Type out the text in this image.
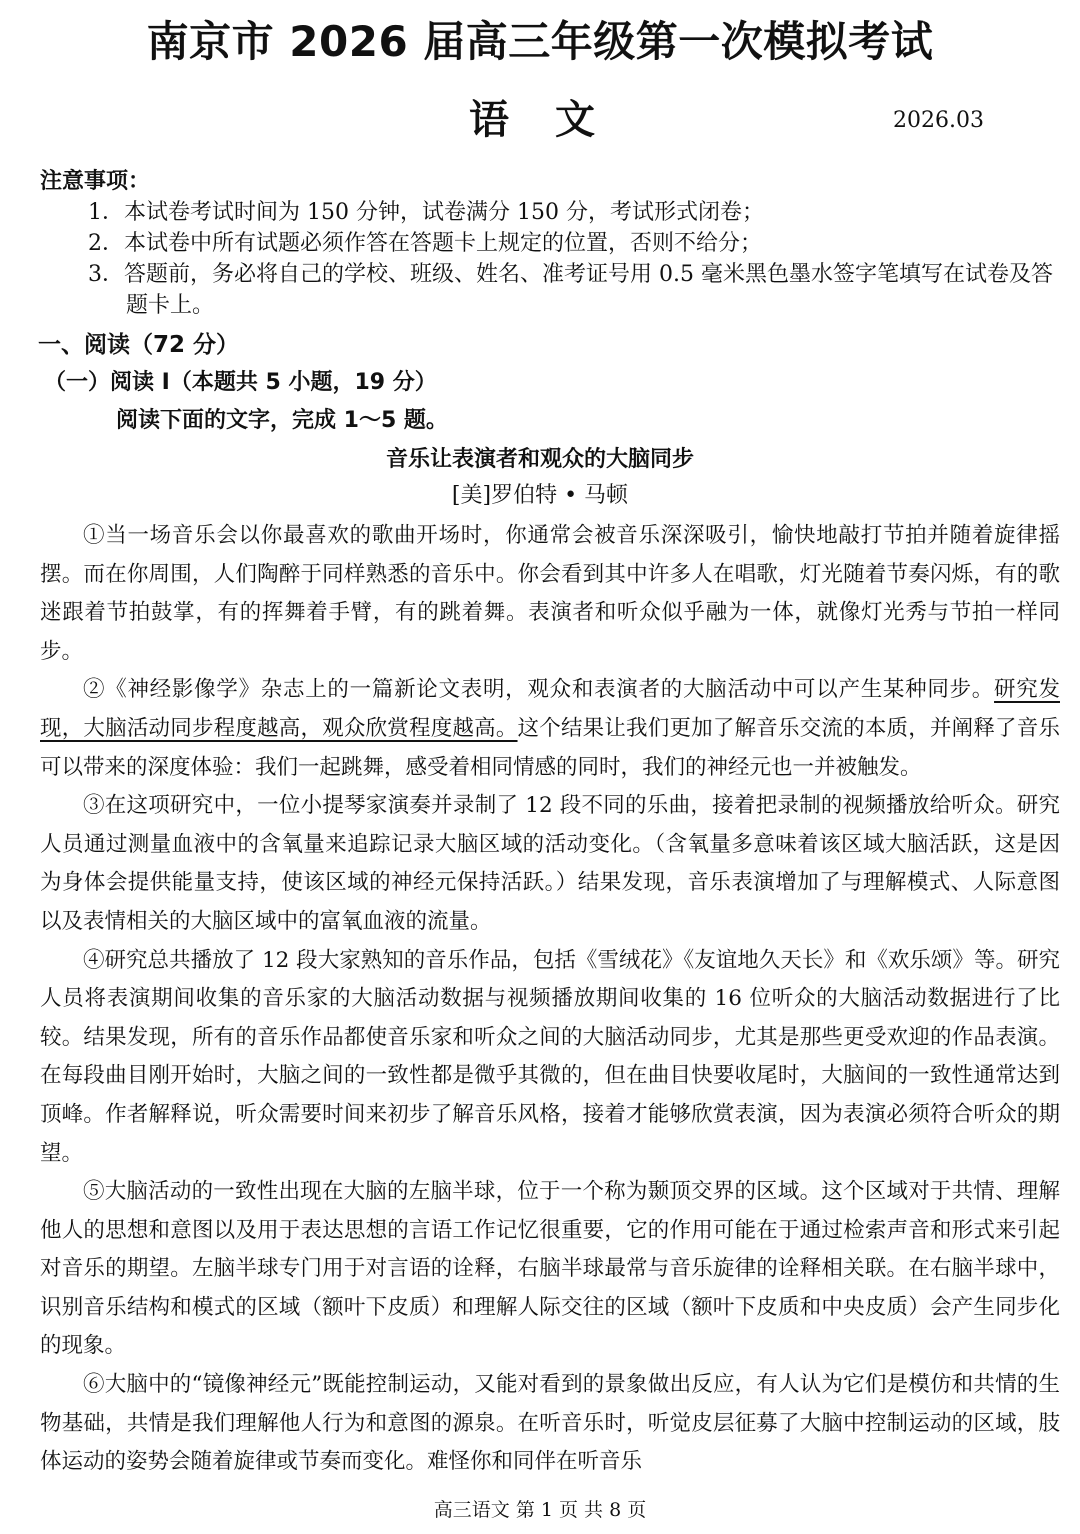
南京市 2026 届高三年级第一次模拟考试
语 文	2026.03
注意事项：
1．本试卷考试时间为 150 分钟，试卷满分 150 分，考试形式闭卷；
2．本试卷中所有试题必须作答在答题卡上规定的位置，否则不给分；
3．答题前，务必将自己的学校、班级、姓名、准考证号用 0.5 毫米黑色墨水签字笔填写在试卷及答题卡上。
一、阅读（72 分）
（一）阅读 I（本题共 5 小题，19 分）
阅读下面的文字，完成 1～5 题。
音乐让表演者和观众的大脑同步
[美]罗伯特 • 马顿

①当一场音乐会以你最喜欢的歌曲开场时，你通常会被音乐深深吸引，愉快地敲打节拍并随着旋律摇摆。而在你周围，人们陶醉于同样熟悉的音乐中。你会看到其中许多人在唱歌，灯光随着节奏闪烁，有的歌迷跟着节拍鼓掌，有的挥舞着手臂，有的跳着舞。表演者和听众似乎融为一体，就像灯光秀与节拍一样同步。

②《神经影像学》杂志上的一篇新论文表明，观众和表演者的大脑活动中可以产生某种同步。研究发现，大脑活动同步程度越高，观众欣赏程度越高。这个结果让我们更加了解音乐交流的本质，并阐释了音乐可以带来的深度体验：我们一起跳舞，感受着相同情感的同时，我们的神经元也一并被触发。

③在这项研究中，一位小提琴家演奏并录制了 12 段不同的乐曲，接着把录制的视频播放给听众。研究人员通过测量血液中的含氧量来追踪记录大脑区域的活动变化。（含氧量多意味着该区域大脑活跃，这是因为身体会提供能量支持，使该区域的神经元保持活跃。）结果发现，音乐表演增加了与理解模式、人际意图以及表情相关的大脑区域中的富氧血液的流量。

④研究总共播放了 12 段大家熟知的音乐作品，包括《雪绒花》《友谊地久天长》和《欢乐颂》等。研究人员将表演期间收集的音乐家的大脑活动数据与视频播放期间收集的 16 位听众的大脑活动数据进行了比较。结果发现，所有的音乐作品都使音乐家和听众之间的大脑活动同步，尤其是那些更受欢迎的作品表演。在每段曲目刚开始时，大脑之间的一致性都是微乎其微的，但在曲目快要收尾时，大脑间的一致性通常达到顶峰。作者解释说，听众需要时间来初步了解音乐风格，接着才能够欣赏表演，因为表演必须符合听众的期望。

⑤大脑活动的一致性出现在大脑的左脑半球，位于一个称为颞顶交界的区域。这个区域对于共情、理解他人的思想和意图以及用于表达思想的言语工作记忆很重要，它的作用可能在于通过检索声音和形式来引起对音乐的期望。左脑半球专门用于对言语的诠释，右脑半球最常与音乐旋律的诠释相关联。在右脑半球中，识别音乐结构和模式的区域（额叶下皮质）和理解人际交往的区域（额叶下皮质和中央皮质）会产生同步化的现象。

⑥大脑中的“镜像神经元”既能控制运动，又能对看到的景象做出反应，有人认为它们是模仿和共情的生物基础，共情是我们理解他人行为和意图的源泉。在听音乐时，听觉皮层征募了大脑中控制运动的区域，肢体运动的姿势会随着旋律或节奏而变化。难怪你和同伴在听音乐

高三语文 第 1 页 共 8 页
